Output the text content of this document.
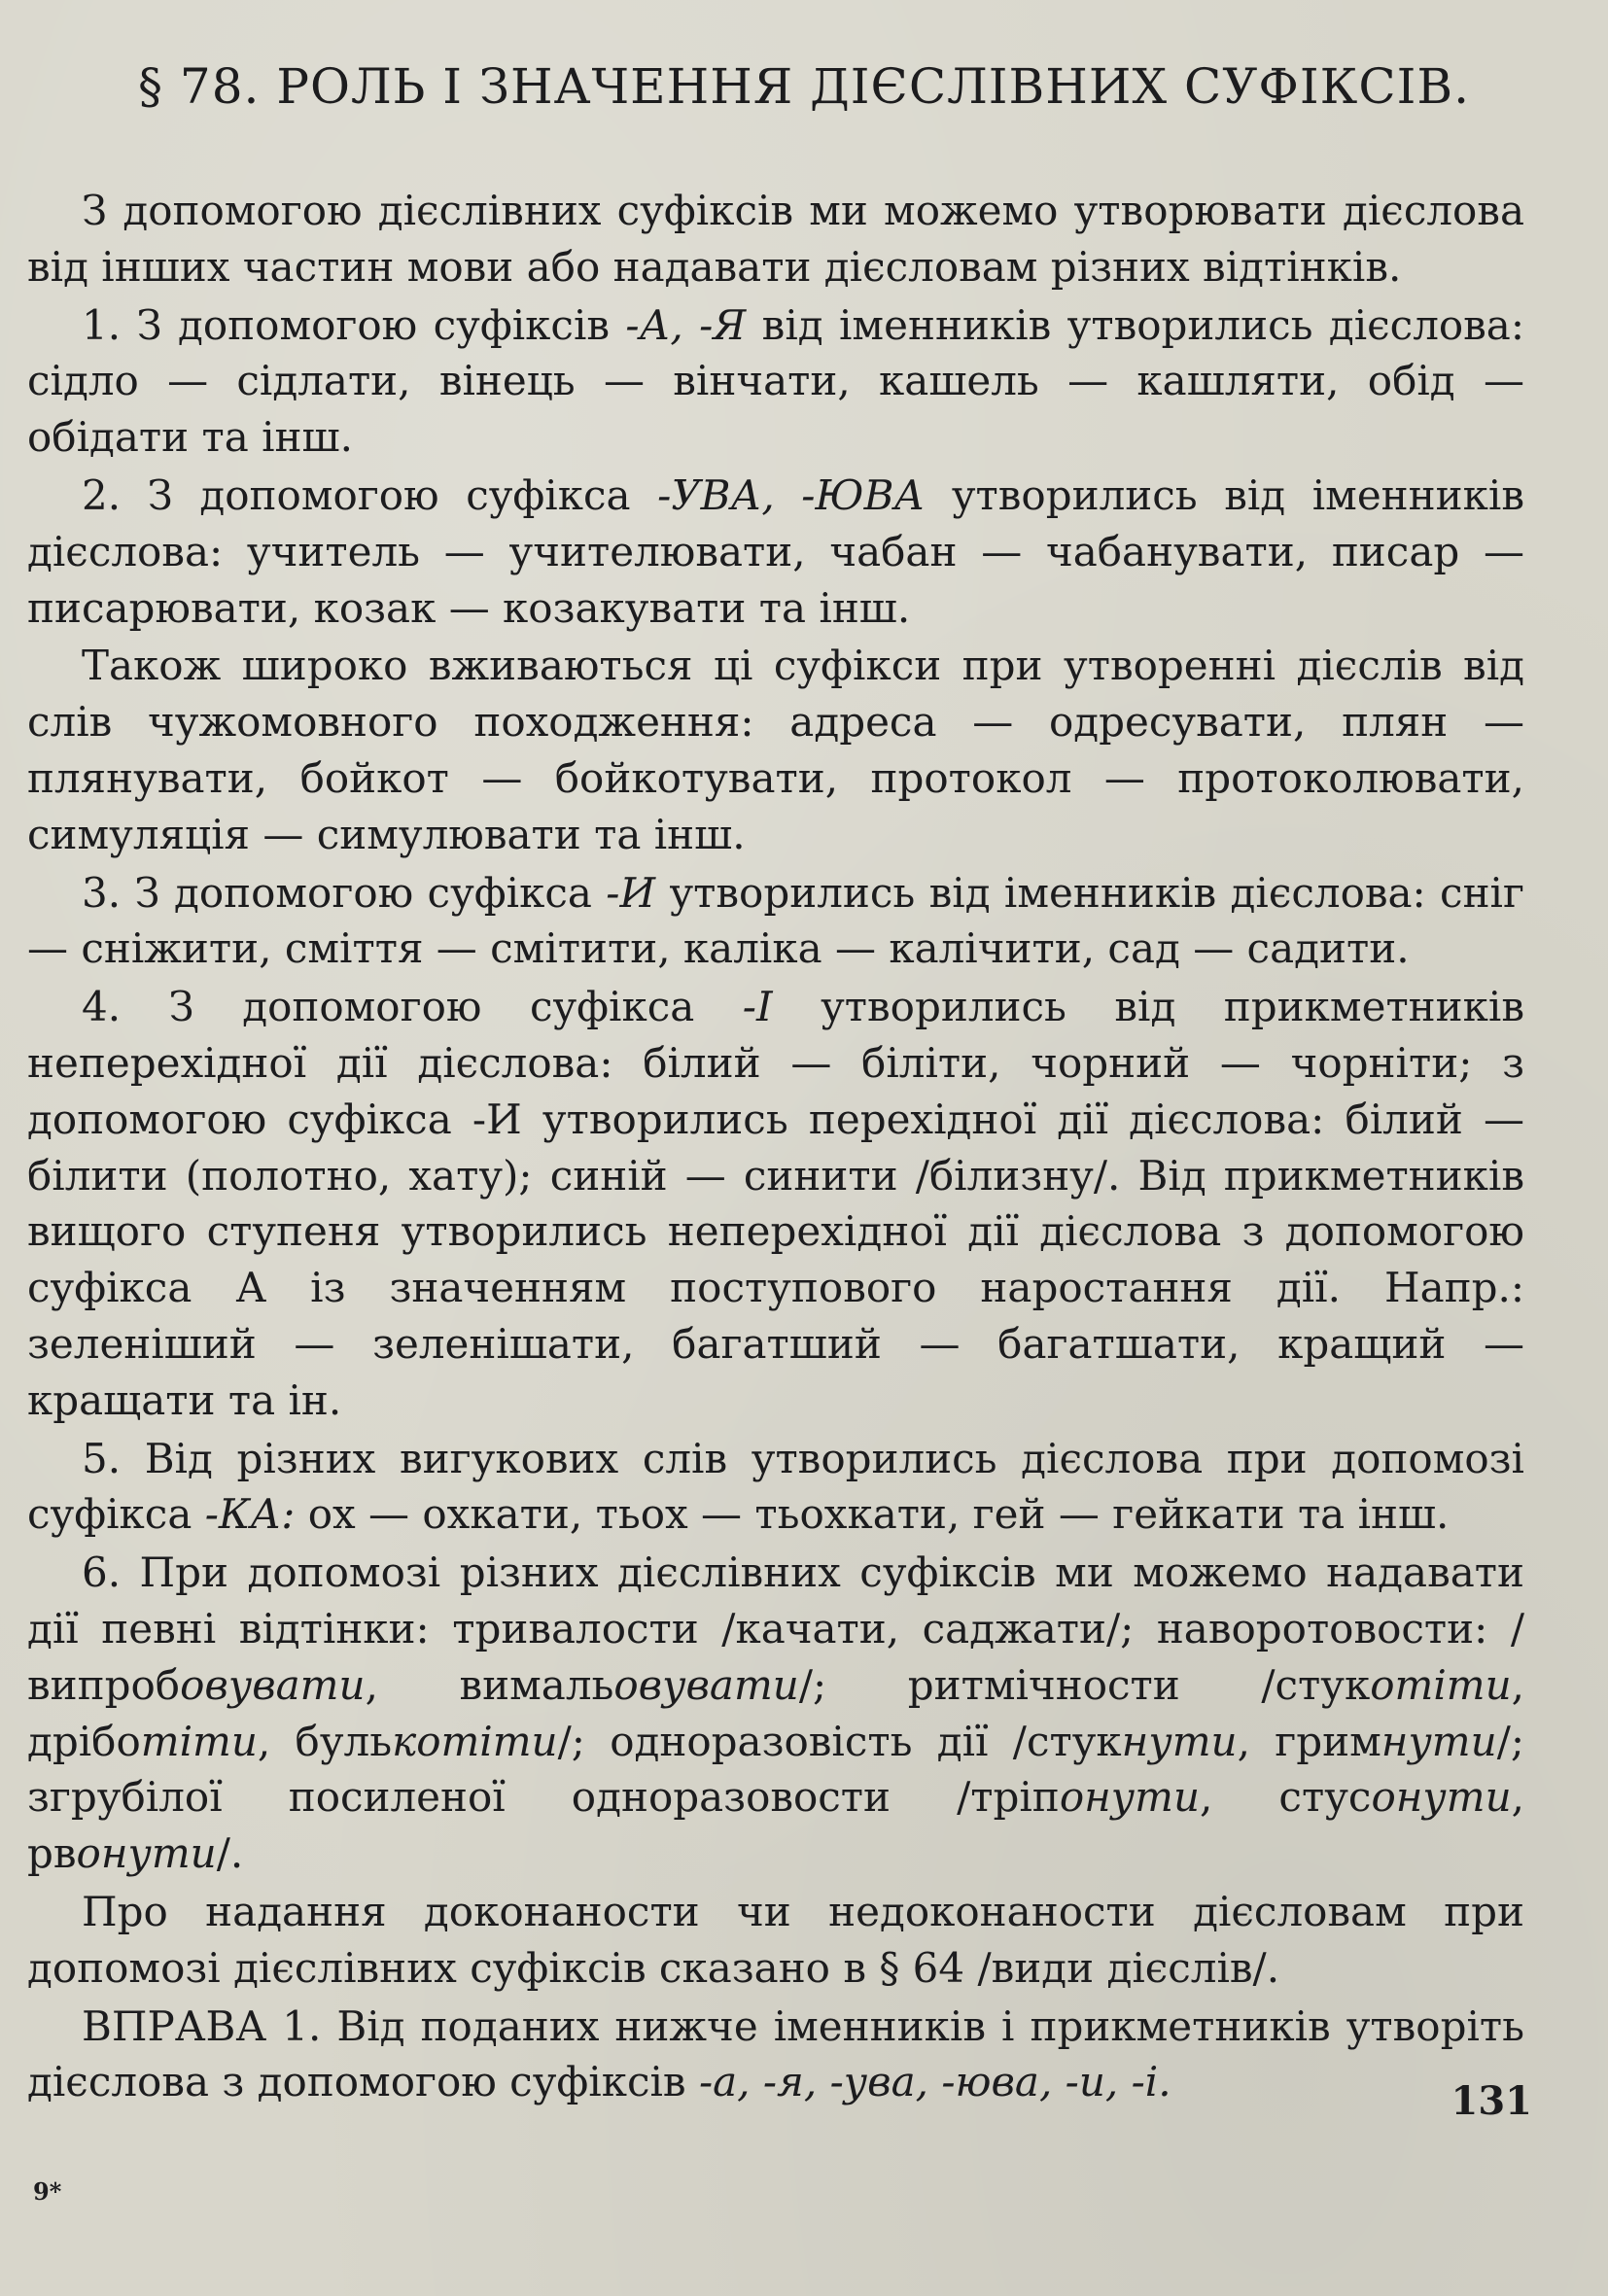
§ 78. РОЛЬ І ЗНАЧЕННЯ ДІЄСЛІВНИХ СУФІКСІВ.

З допомогою дієслівних суфіксів ми можемо утворювати дієслова від інших частин мови або надавати дієсловам різних відтінків.

1. З допомогою суфіксів -А, -Я від іменників утворились дієслова: сідло — сідлати, вінець — вінчати, кашель — кашляти, обід — обідати та інш.

2. З допомогою суфікса -УВА, -ЮВА утворились від іменників дієслова: учитель — учителювати, чабан — чабанувати, писар — писарювати, козак — козакувати та інш.

Також широко вживаються ці суфікси при утворенні дієслів від слів чужомовного походження: адреса — одресувати, плян — плянувати, бойкот — бойкотувати, протокол — протоколювати, симуляція — симулювати та інш.

3. З допомогою суфікса -И утворились від іменників дієслова: сніг — сніжити, сміття — смітити, каліка — калічити, сад — садити.

4. З допомогою суфікса -І утворились від прикметників неперехідної дії дієслова: білий — біліти, чорний — чорніти; з допомогою суфікса -И утворились перехідної дії дієслова: білий — білити (полотно, хату); синій — синити /білизну/. Від прикметників вищого ступеня утворились неперехідної дії дієслова з допомогою суфікса А із значенням поступового наростання дії. Напр.: зеленіший — зеленішати, багатший — багатшати, кращий — кращати та ін.

5. Від різних вигукових слів утворились дієслова при допомозі суфікса -КА: ох — охкати, тьох — тьохкати, гей — гейкати та інш.

6. При допомозі різних дієслівних суфіксів ми можемо надавати дії певні відтінки: тривалости /качати, саджати/; наворотовости: /випробовувати, вимальовувати/; ритмічности /стукотіти, дріботіти, булькотіти/; одноразовість дії /стукнути, гримнути/; згрубілої посиленої одноразовости /тріпонути, стусонути, рвонути/.

Про надання доконаности чи недоконаности дієсловам при допомозі дієслівних суфіксів сказано в § 64 /види дієслів/.

ВПРАВА 1. Від поданих нижче іменників і прикметників утворіть дієслова з допомогою суфіксів -а, -я, -ува, -юва, -и, -і.	131
9*
